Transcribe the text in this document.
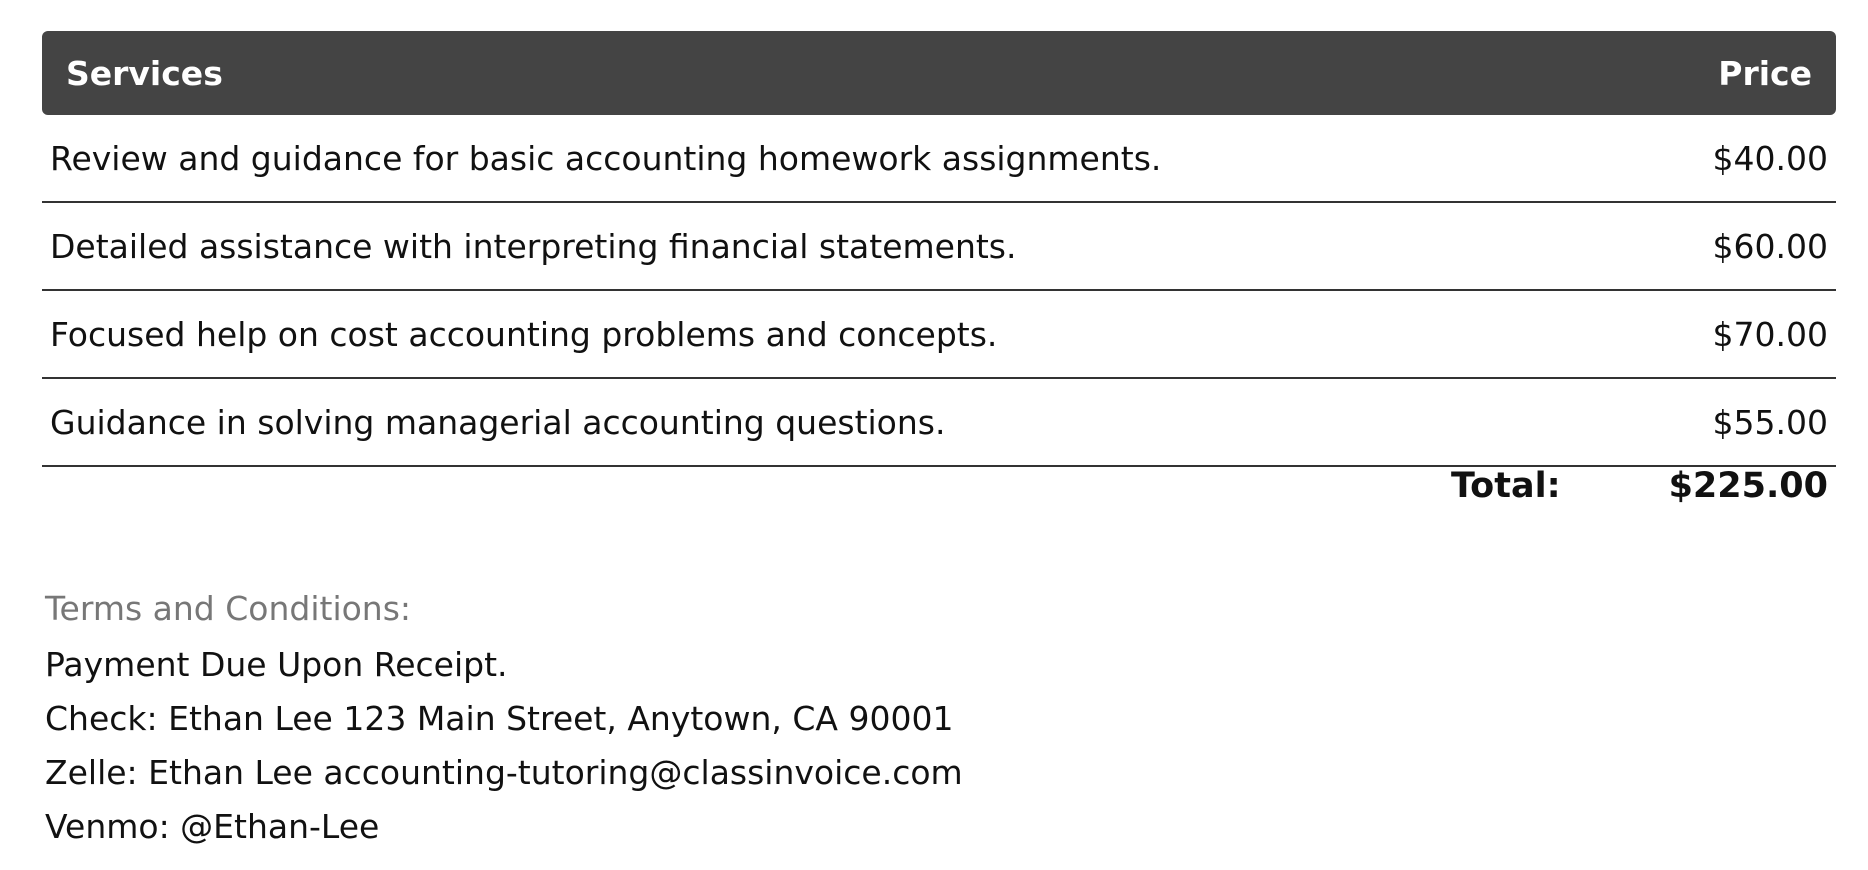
Services	Price
Review and guidance for basic accounting homework assignments.	$40.00
Detailed assistance with interpreting financial statements.	$60.00
Focused help on cost accounting problems and concepts.	$70.00
Guidance in solving managerial accounting questions.	$55.00
Total:	$225.00
Terms and Conditions:
Payment Due Upon Receipt.
Check: Ethan Lee 123 Main Street, Anytown, CA 90001
Zelle: Ethan Lee accounting-tutoring@classinvoice.com
Venmo: @Ethan-Lee
